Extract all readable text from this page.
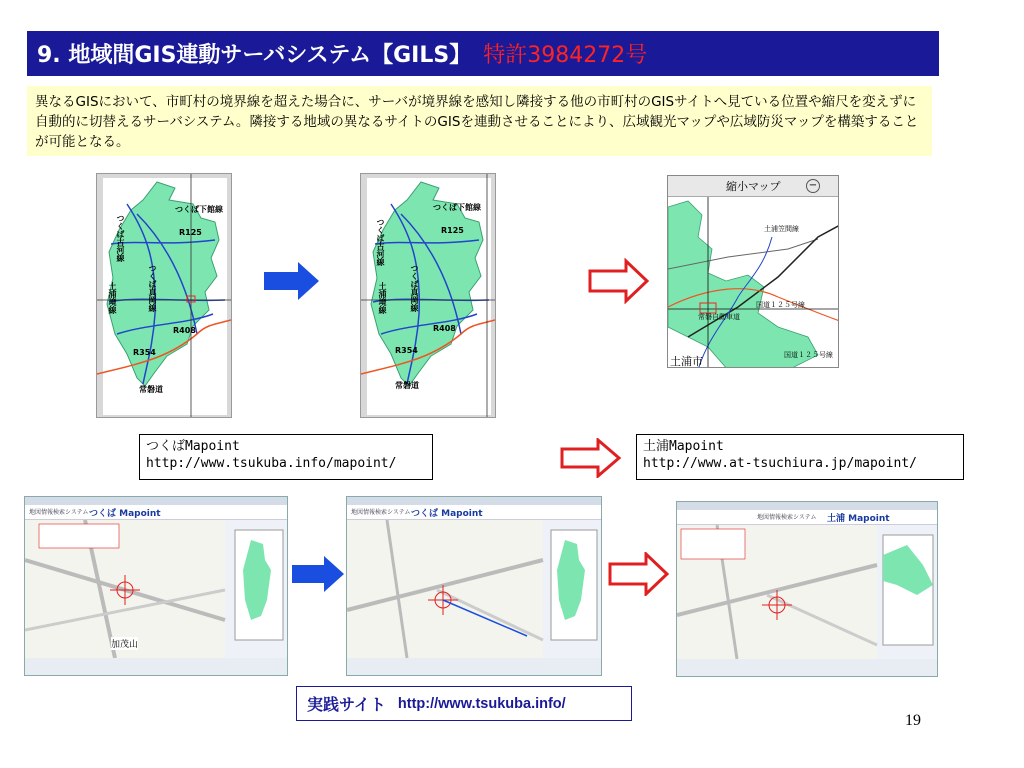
9. 地域間GIS連動サーバシステム【GILS】 特許3984272号
異なるGISにおいて、市町村の境界線を超えた場合に、サーバが境界線を感知し隣接する他の市町村のGISサイトへ見ている位置や縮尺を変えずに自動的に切替えるサーバシステム。隣接する地域の異なるサイトのGISを連動させることにより、広域観光マップや広域防災マップを構築することが可能となる。
つくば下館線
R125
つくば古河線
つくば真岡線
土浦境線
R408
R354
常磐道
つくば下館線
R125
つくば古河線
つくば真岡線
土浦境線
R408
R354
常磐道
縮小マップ	−
土浦笠間線
国道１２５号線
常磐自動車道
国道１２５号線
土浦市
つくばMapoint
http://www.tsukuba.info/mapoint/
土浦Mapoint
http://www.at-tsuchiura.jp/mapoint/
地図情報検索システム つくば Mapoint
加茂山
地図情報検索システム つくば Mapoint	地図情報検索システム 土浦 Mapoint
実践サイト http://www.tsukuba.info/
19
